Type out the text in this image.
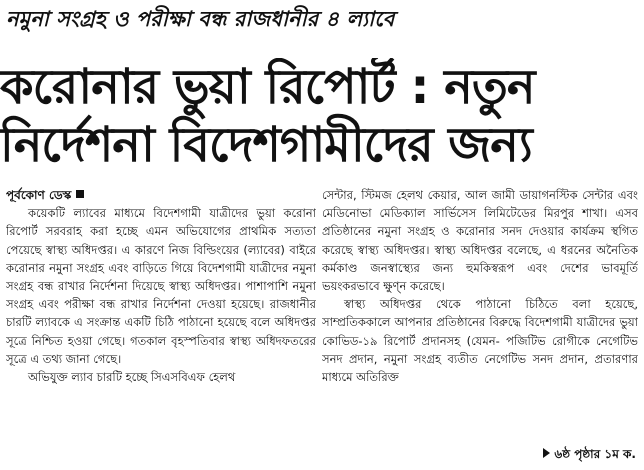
নমুনা সংগ্রহ ও পরীক্ষা বন্ধ রাজধানীর ৪ ল্যাবে
করোনার ভুয়া রিপোর্ট : নতুন
নির্দেশনা বিদেশগামীদের জন্য
পূর্বকোণ ডেস্ক

কয়েকটি ল্যাবের মাধ্যমে বিদেশগামী যাত্রীদের ভুয়া করোনা রিপোর্ট সরবরাহ করা হচ্ছে এমন অভিযোগের প্রাথমিক সত্যতা পেয়েছে স্বাস্থ্য অধিদপ্তর। এ কারণে নিজ বিল্ডিংয়ের (ল্যাবের) বাইরে করোনার নমুনা সংগ্রহ এবং বাড়িতে গিয়ে বিদেশগামী যাত্রীদের নমুনা সংগ্রহ বন্ধ রাখার নির্দেশনা দিয়েছে স্বাস্থ্য অধিদপ্তর। পাশাপাশি নমুনা সংগ্রহ এবং পরীক্ষা বন্ধ রাখার নির্দেশনা দেওয়া হয়েছে। রাজধানীর চারটি ল্যাবকে এ সংক্রান্ত একটি চিঠি পাঠানো হয়েছে বলে অধিদপ্তর সূত্রে নিশ্চিত হওয়া গেছে। গতকাল বৃহস্পতিবার স্বাস্থ্য অধিদফতরের সূত্রে এ তথ্য জানা গেছে।

অভিযুক্ত ল্যাব চারটি হচ্ছে সিএসবিএফ হেলথ

সেন্টার, স্টিমজ হেলথ কেয়ার, আল জামী ডায়াগনস্টিক সেন্টার এবং মেডিনোভা মেডিক্যাল সার্ভিসেস লিমিটেডের মিরপুর শাখা। এসব প্রতিষ্ঠানের নমুনা সংগ্রহ ও করোনার সনদ দেওয়ার কার্যক্রম স্থগিত করেছে স্বাস্থ্য অধিদপ্তর। স্বাস্থ্য অধিদপ্তর বলেছে, এ ধরনের অনৈতিক কর্মকাণ্ড জনস্বাস্থ্যের জন্য হুমকিস্বরূপ এবং দেশের ভাবমূর্তি ভয়ংকরভাবে ক্ষুণ্ন করেছে।

স্বাস্থ্য অধিদপ্তর থেকে পাঠানো চিঠিতে বলা হয়েছে, সাম্প্রতিককালে আপনার প্রতিষ্ঠানের বিরুদ্ধে বিদেশগামী যাত্রীদের ভুয়া কোভিড-১৯ রিপোর্ট প্রদানসহ (যেমন- পজিটিভ রোগীকে নেগেটিভ সনদ প্রদান, নমুনা সংগ্রহ ব্যতীত নেগেটিভ সনদ প্রদান, প্রতারণার মাধ্যমে অতিরিক্ত

৬ষ্ঠ পৃষ্ঠার ১ম ক.
